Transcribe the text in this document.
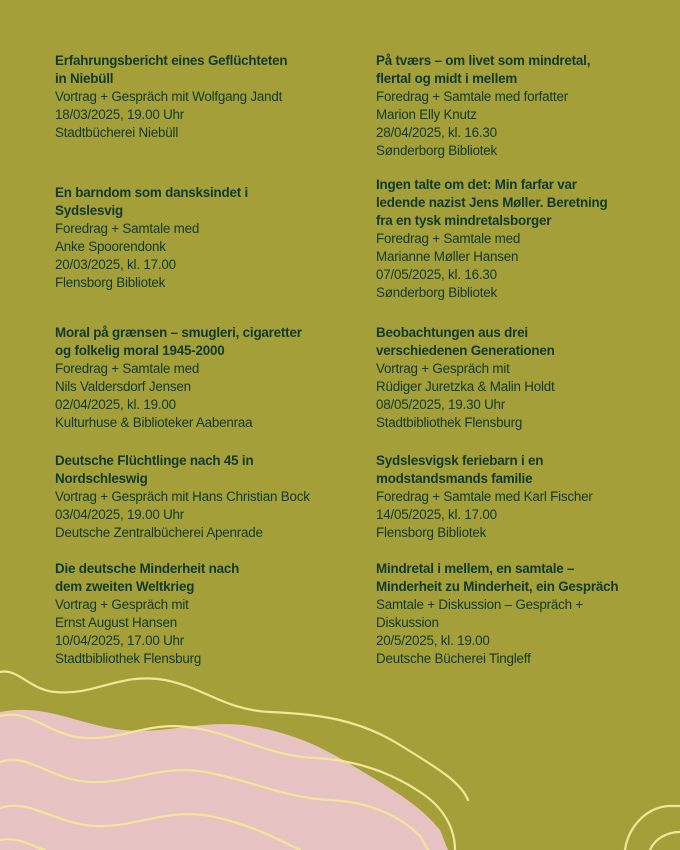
Erfahrungsbericht eines Geflüchteten
in Niebüll
Vortrag + Gespräch mit Wolfgang Jandt
18/03/2025, 19.00 Uhr
Stadtbücherei Niebüll
En barndom som dansksindet i
Sydslesvig
Foredrag + Samtale med
Anke Spoorendonk
20/03/2025, kl. 17.00
Flensborg Bibliotek
Moral på grænsen – smugleri, cigaretter
og folkelig moral 1945-2000
Foredrag + Samtale med
Nils Valdersdorf Jensen
02/04/2025, kl. 19.00
Kulturhuse & Biblioteker Aabenraa
Deutsche Flüchtlinge nach 45 in
Nordschleswig
Vortrag + Gespräch mit Hans Christian Bock
03/04/2025, 19.00 Uhr
Deutsche Zentralbücherei Apenrade
Die deutsche Minderheit nach
dem zweiten Weltkrieg
Vortrag + Gespräch mit
Ernst August Hansen
10/04/2025, 17.00 Uhr
Stadtbibliothek Flensburg
På tværs – om livet som mindretal,
flertal og midt i mellem
Foredrag + Samtale med forfatter
Marion Elly Knutz
28/04/2025, kl. 16.30
Sønderborg Bibliotek
Ingen talte om det: Min farfar var
ledende nazist Jens Møller. Beretning
fra en tysk mindretalsborger
Foredrag + Samtale med
Marianne Møller Hansen
07/05/2025, kl. 16.30
Sønderborg Bibliotek
Beobachtungen aus drei
verschiedenen Generationen
Vortrag + Gespräch mit
Rüdiger Juretzka & Malin Holdt
08/05/2025, 19.30 Uhr
Stadtbibliothek Flensburg
Sydslesvigsk feriebarn i en
modstandsmands familie
Foredrag + Samtale med Karl Fischer
14/05/2025, kl. 17.00
Flensborg Bibliotek
Mindretal i mellem, en samtale –
Minderheit zu Minderheit, ein Gespräch
Samtale + Diskussion – Gespräch +
Diskussion
20/5/2025, kl. 19.00
Deutsche Bücherei Tingleff
